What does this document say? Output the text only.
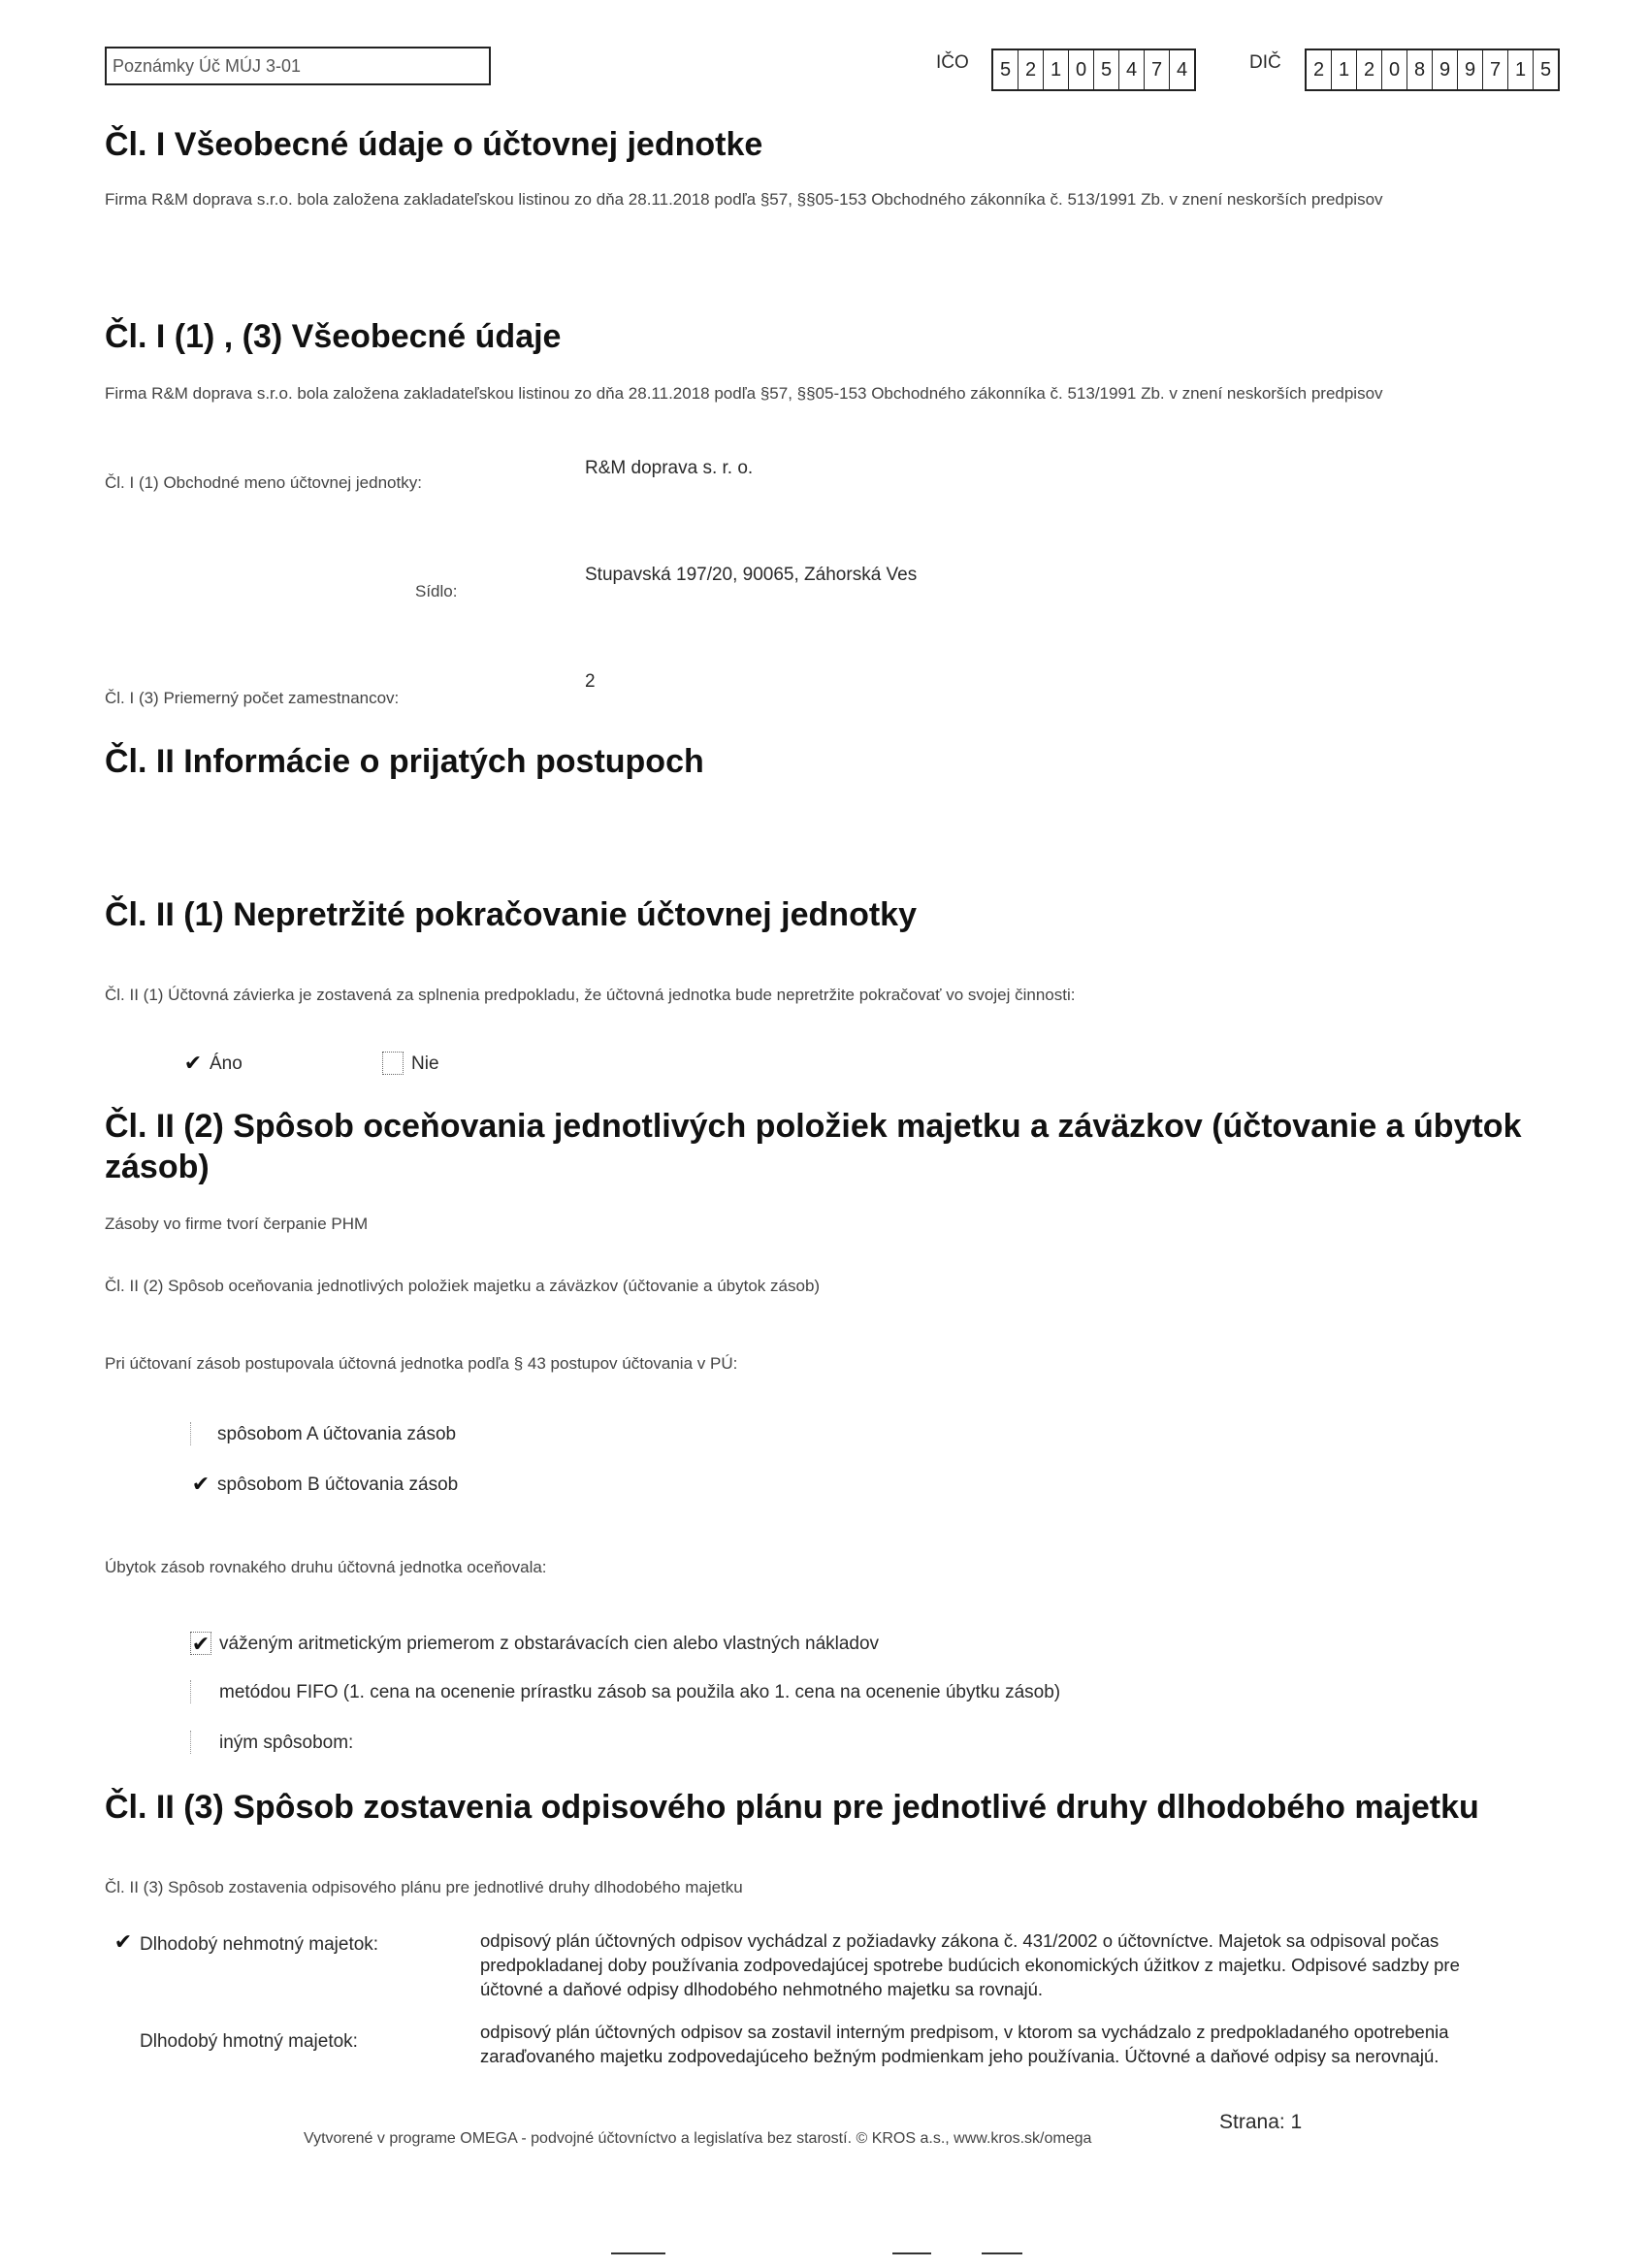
Poznámky Úč MÚJ 3-01	IČO	5 2 1 0 5 4 7 4	DIČ	2 1 2 0 8 9 9 7 1 5
Čl. I Všeobecné údaje o účtovnej jednotke
Firma R&M doprava s.r.o. bola založena zakladateľskou listinou zo dňa 28.11.2018 podľa §57, §§05-153 Obchodného zákonníka č. 513/1991 Zb. v znení neskorších predpisov
Čl. I (1) , (3) Všeobecné údaje
Firma R&M doprava s.r.o. bola založena zakladateľskou listinou zo dňa 28.11.2018 podľa §57, §§05-153 Obchodného zákonníka č. 513/1991 Zb. v znení neskorších predpisov
Čl. I (1) Obchodné meno účtovnej jednotky:
R&M doprava s. r. o.
Sídlo:
Stupavská 197/20, 90065, Záhorská Ves
Čl. I (3) Priemerný počet zamestnancov:
2
Čl. II Informácie o prijatých postupoch
Čl. II (1) Nepretržité pokračovanie účtovnej jednotky
Čl. II (1) Účtovná závierka je zostavená za splnenia predpokladu, že účtovná jednotka bude nepretržite pokračovať vo svojej činnosti:
✔ Áno	Nie
Čl. II (2) Spôsob oceňovania jednotlivých položiek majetku a záväzkov (účtovanie a úbytok
zásob)
Zásoby vo firme tvorí čerpanie PHM
Čl. II (2) Spôsob oceňovania jednotlivých položiek majetku a záväzkov (účtovanie a úbytok zásob)
Pri účtovaní zásob postupovala účtovná jednotka podľa § 43 postupov účtovania v PÚ:
spôsobom A účtovania zásob
✔ spôsobom B účtovania zásob
Úbytok zásob rovnakého druhu účtovná jednotka oceňovala:
✔ váženým aritmetickým priemerom z obstarávacích cien alebo vlastných nákladov
metódou FIFO (1. cena na ocenenie prírastku zásob sa použila ako 1. cena na ocenenie úbytku zásob)
iným spôsobom:
Čl. II (3) Spôsob zostavenia odpisového plánu pre jednotlivé druhy dlhodobého majetku
Čl. II (3) Spôsob zostavenia odpisového plánu pre jednotlivé druhy dlhodobého majetku
✔ Dlhodobý nehmotný majetok:	odpisový plán účtovných odpisov vychádzal z požiadavky zákona č. 431/2002 o účtovníctve. Majetok sa odpisoval počas predpokladanej doby používania zodpovedajúcej spotrebe budúcich ekonomických úžitkov z majetku. Odpisové sadzby pre účtovné a daňové odpisy dlhodobého nehmotného majetku sa rovnajú.
Dlhodobý hmotný majetok:	odpisový plán účtovných odpisov sa zostavil interným predpisom, v ktorom sa vychádzalo z predpokladaného opotrebenia zaraďovaného majetku zodpovedajúceho bežným podmienkam jeho používania. Účtovné a daňové odpisy sa nerovnajú.
Vytvorené v programe OMEGA - podvojné účtovníctvo a legislatíva bez starostí. © KROS a.s., www.kros.sk/omega
Strana: 1
